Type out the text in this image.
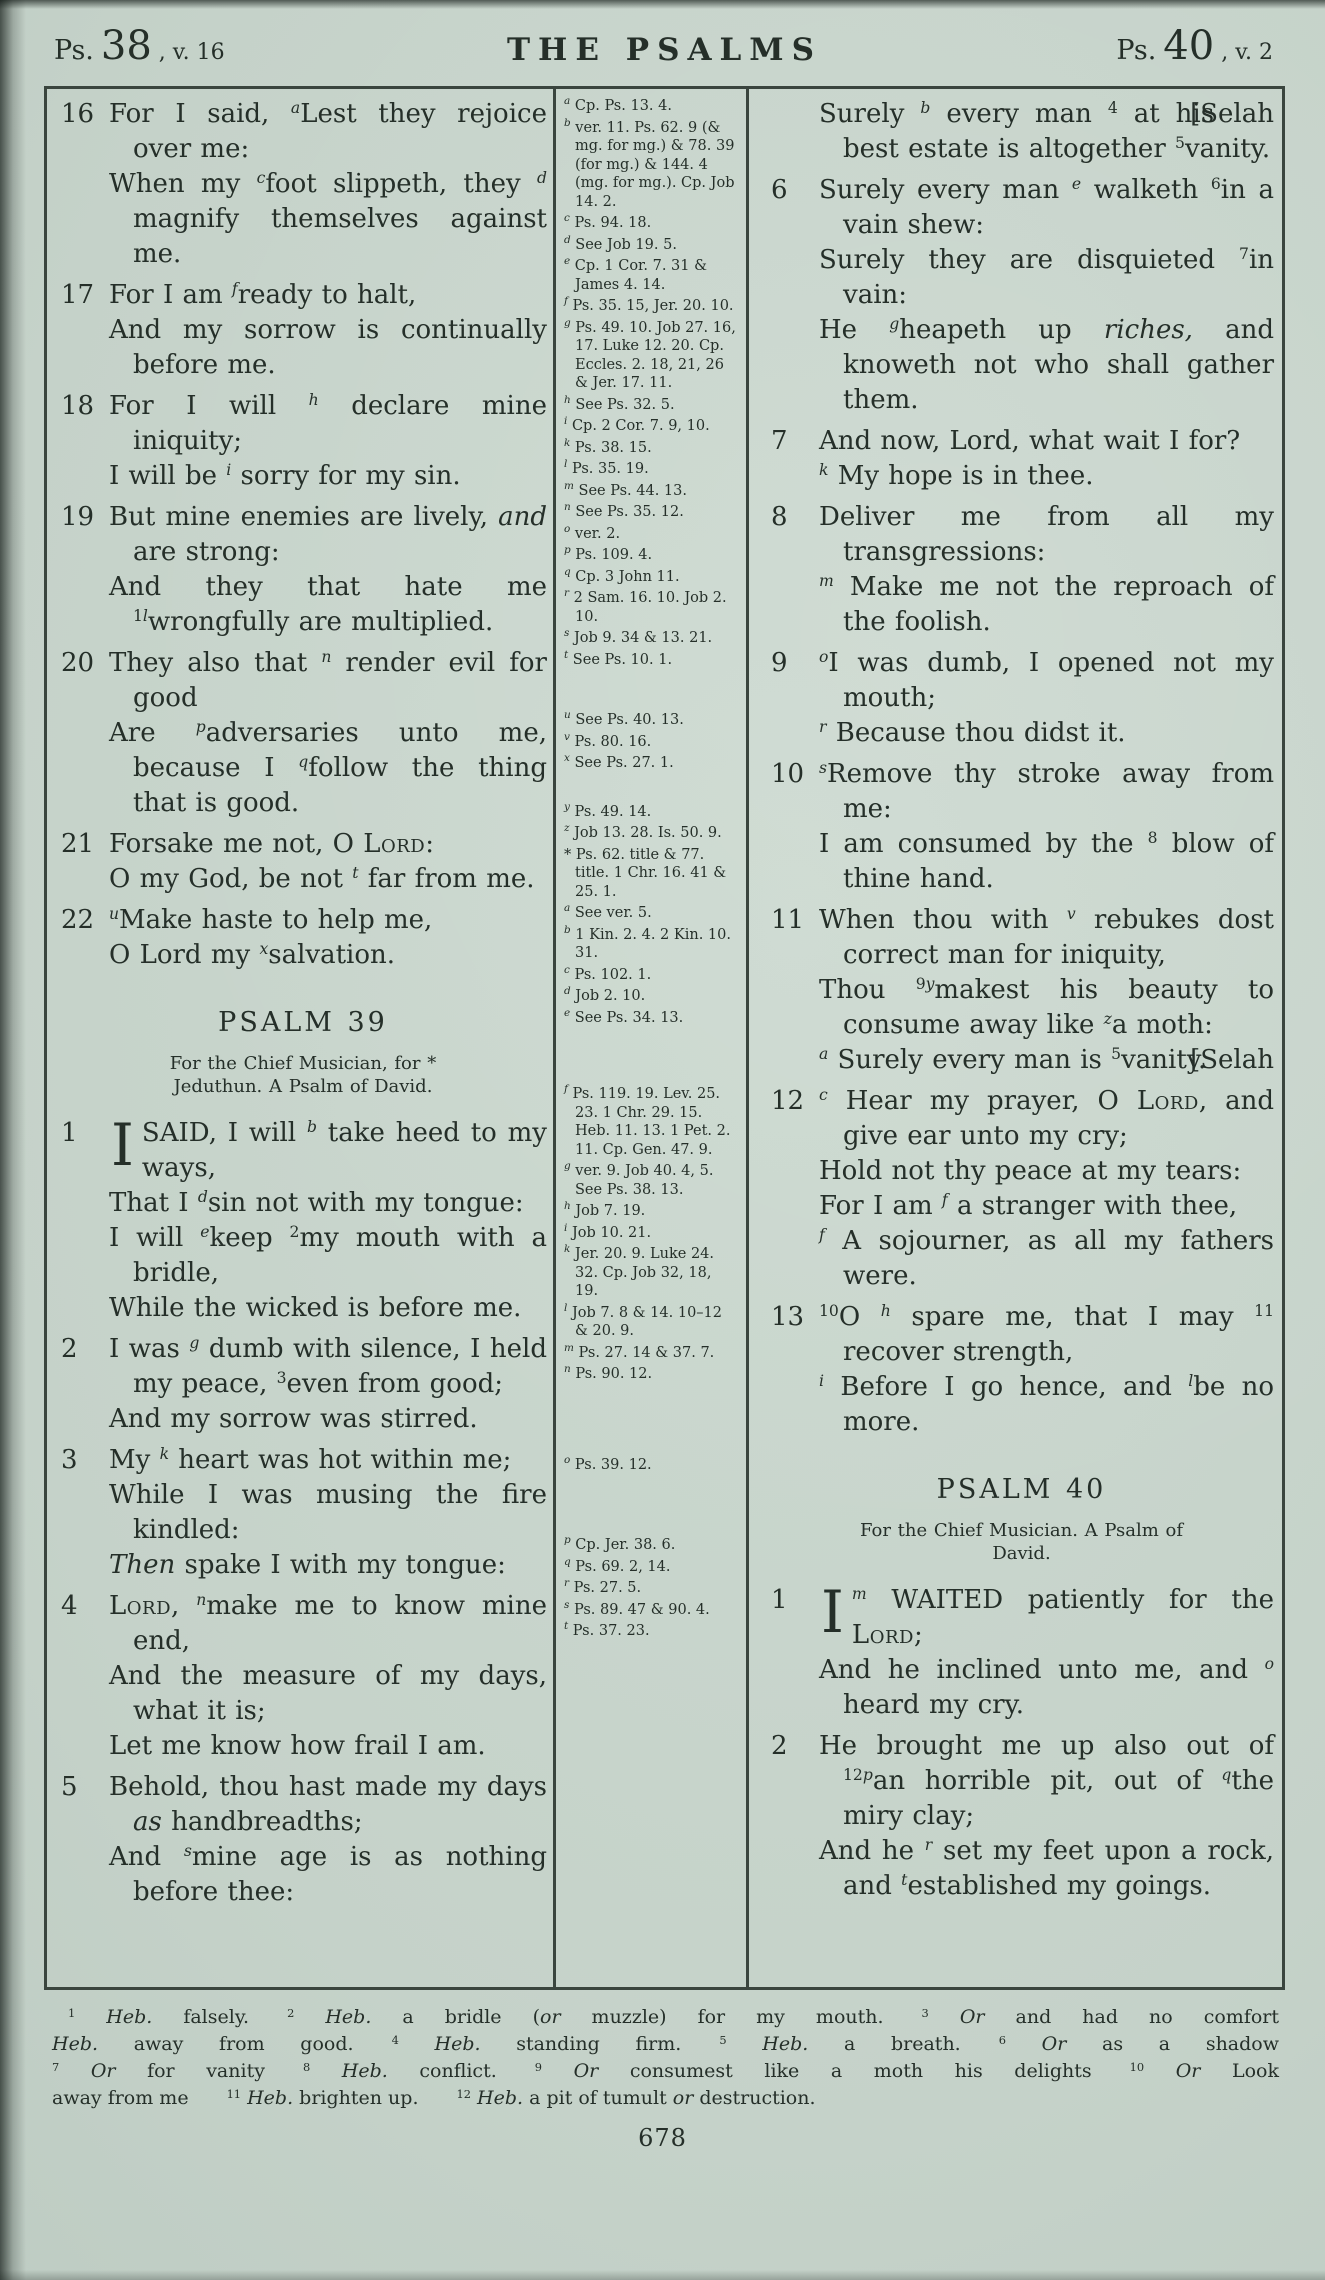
Ps. 38 , v. 16	THE PSALMS	Ps. 40 , v. 2
16 For I said, $^a$Lest they rejoice over me:
When my $^c$foot slippeth, they $^d$ magnify themselves against me.
17 For I am $^f$ready to halt,
And my sorrow is continually before me.
18 For I will $^h$ declare mine iniquity;
I will be $^i$ sorry for my sin.
19 But mine enemies are lively, and are strong:
And they that hate me $^{1l}$wrongfully are multiplied.
20 They also that $^n$ render evil for good
Are $^p$adversaries unto me, because I $^q$follow the thing that is good.
21 Forsake me not, O Lord:
O my God, be not $^t$ far from me.
22 $^u$Make haste to help me,
O Lord my $^x$salvation.
PSALM 39
For the Chief Musician, for * Jeduthun. A Psalm of David.
1 ISAID, I will $^b$ take heed to my ways,
That I $^d$sin not with my tongue:
I will $^e$keep $^2$my mouth with a bridle,
While the wicked is before me.
2 I was $^g$ dumb with silence, I held my peace, $^3$even from good;
And my sorrow was stirred.
3 My $^k$ heart was hot within me;
While I was musing the fire kindled:
Then spake I with my tongue:
4 Lord, $^n$make me to know mine end,
And the measure of my days, what it is;
Let me know how frail I am.
5 Behold, thou hast made my days as handbreadths;
And $^s$mine age is as nothing before thee:
$^a$ Cp. Ps. 13. 4.
$^b$ ver. 11. Ps. 62. 9 (& mg. for mg.) & 78. 39 (for mg.) & 144. 4 (mg. for mg.). Cp. Job 14. 2.
$^c$ Ps. 94. 18.
$^d$ See Job 19. 5.
$^e$ Cp. 1 Cor. 7. 31 & James 4. 14.
$^f$ Ps. 35. 15, Jer. 20. 10.
$^g$ Ps. 49. 10. Job 27. 16, 17. Luke 12. 20. Cp. Eccles. 2. 18, 21, 26 & Jer. 17. 11.
$^h$ See Ps. 32. 5.
$^i$ Cp. 2 Cor. 7. 9, 10.
$^k$ Ps. 38. 15.
$^l$ Ps. 35. 19.
$^m$ See Ps. 44. 13.
$^n$ See Ps. 35. 12.
$^o$ ver. 2.
$^p$ Ps. 109. 4.
$^q$ Cp. 3 John 11.
$^r$ 2 Sam. 16. 10. Job 2. 10.
$^s$ Job 9. 34 & 13. 21.
$^t$ See Ps. 10. 1.
$^u$ See Ps. 40. 13.
$^v$ Ps. 80. 16.
$^x$ See Ps. 27. 1.
$^y$ Ps. 49. 14.
$^z$ Job 13. 28. Is. 50. 9.
* Ps. 62. title & 77. title. 1 Chr. 16. 41 & 25. 1.
$^a$ See ver. 5.
$^b$ 1 Kin. 2. 4. 2 Kin. 10. 31.
$^c$ Ps. 102. 1.
$^d$ Job 2. 10.
$^e$ See Ps. 34. 13.
$^f$ Ps. 119. 19. Lev. 25. 23. 1 Chr. 29. 15. Heb. 11. 13. 1 Pet. 2. 11. Cp. Gen. 47. 9.
$^g$ ver. 9. Job 40. 4, 5. See Ps. 38. 13.
$^h$ Job 7. 19.
$^i$ Job 10. 21.
$^k$ Jer. 20. 9. Luke 24. 32. Cp. Job 32, 18, 19.
$^l$ Job 7. 8 & 14. 10–12 & 20. 9.
$^m$ Ps. 27. 14 & 37. 7.
$^n$ Ps. 90. 12.
$^o$ Ps. 39. 12.
$^p$ Cp. Jer. 38. 6.
$^q$ Ps. 69. 2, 14.
$^r$ Ps. 27. 5.
$^s$ Ps. 89. 47 & 90. 4.
$^t$ Ps. 37. 23.
[Selah
Surely $^b$ every man $^4$ at his best estate is altogether $^5$vanity.
6 Surely every man $^e$ walketh $^6$in a vain shew:
Surely they are disquieted $^7$in vain:
He $^g$heapeth up riches, and knoweth not who shall gather them.
7 And now, Lord, what wait I for?
$^k$ My hope is in thee.
8 Deliver me from all my transgressions:
$^m$ Make me not the reproach of the foolish.
9 $^o$I was dumb, I opened not my mouth;
$^r$ Because thou didst it.
10 $^s$Remove thy stroke away from me:
I am consumed by the $^8$ blow of thine hand.
11 When thou with $^v$ rebukes dost correct man for iniquity,
Thou $^{9y}$makest his beauty to consume away like $^z$a moth:
[Selah
$^a$ Surely every man is $^5$vanity.
12 $^c$ Hear my prayer, O Lord, and give ear unto my cry;
Hold not thy peace at my tears:
For I am $^f$ a stranger with thee,
$^f$ A sojourner, as all my fathers were.
13 $^{10}$O $^h$ spare me, that I may $^{11}$ recover strength,
$^i$ Before I go hence, and $^l$be no more.
PSALM 40
For the Chief Musician. A Psalm of David.
1 I $^m$ WAITED patiently for the Lord;
And he inclined unto me, and $^o$ heard my cry.
2 He brought me up also out of $^{12p}$an horrible pit, out of $^q$the miry clay;
And he $^r$ set my feet upon a rock, and $^t$established my goings.
$^1$ Heb. falsely.  $^2$ Heb. a bridle (or muzzle) for my mouth.  $^3$ Or and had no comfort
Heb. away from good.  $^4$ Heb. standing firm.  $^5$ Heb. a breath.  $^6$ Or as a shadow
$^7$ Or for vanity  $^8$ Heb. conflict.  $^9$ Or consumest like a moth his delights  $^{10}$ Or Look
away from me  $^{11}$ Heb. brighten up.  $^{12}$ Heb. a pit of tumult or destruction.
678
